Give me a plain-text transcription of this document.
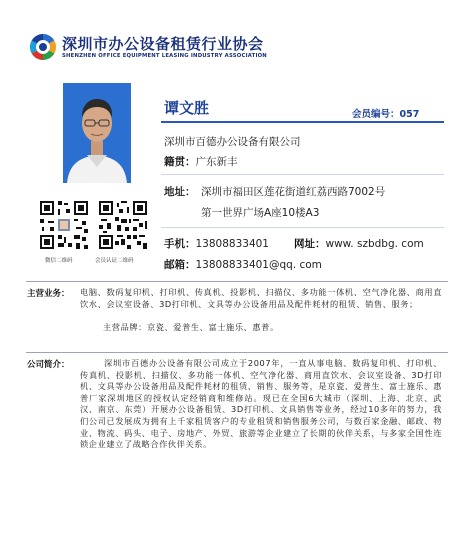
深圳市办公设备租赁行业协会
SHENZHEN OFFICE EQUIPMENT LEASING INDUSTRY ASSOCIATION
谭文胜	会员编号：057
深圳市百德办公设备有限公司
籍贯：广东新丰
地址： 深圳市福田区莲花街道红荔西路7002号
第一世界广场A座10楼A3
手机：13808833401 网址：www. szbdbg. com
邮箱：13808833401@qq. com
微信二维码	会员认证二维码
主营业务： 电脑、数码复印机、打印机、传真机、投影机、扫描仪、多功能一体机、空气净化器、商用直饮水、会议室设备、3D打印机、文具等办公设备用品及配件耗材的租赁、销售、服务；
主营品牌：京瓷、爱普生、富士施乐、惠普。
公司简介：	深圳市百德办公设备有限公司成立于2007年，一直从事电脑、数码复印机、打印机、传真机、投影机、扫描仪、多功能一体机、空气净化器、商用直饮水、会议室设备、3D打印机、文具等办公设备用品及配件耗材的租赁、销售、服务等，是京瓷、爱普生、富士施乐、惠普厂家深圳地区的授权认定经销商和维修站。现已在全国6大城市（深圳、上海、北京、武汉、南京、东莞）开展办公设备租赁、3D打印机、文具销售等业务，经过10多年的努力，我们公司已发展成为拥有上千家租赁客户的专业租赁和销售服务公司，与数百家金融、邮政、物业、物流、码头、电子、房地产、外贸、旅游等企业建立了长期的伙伴关系，与多家全国性连锁企业建立了战略合作伙伴关系。
